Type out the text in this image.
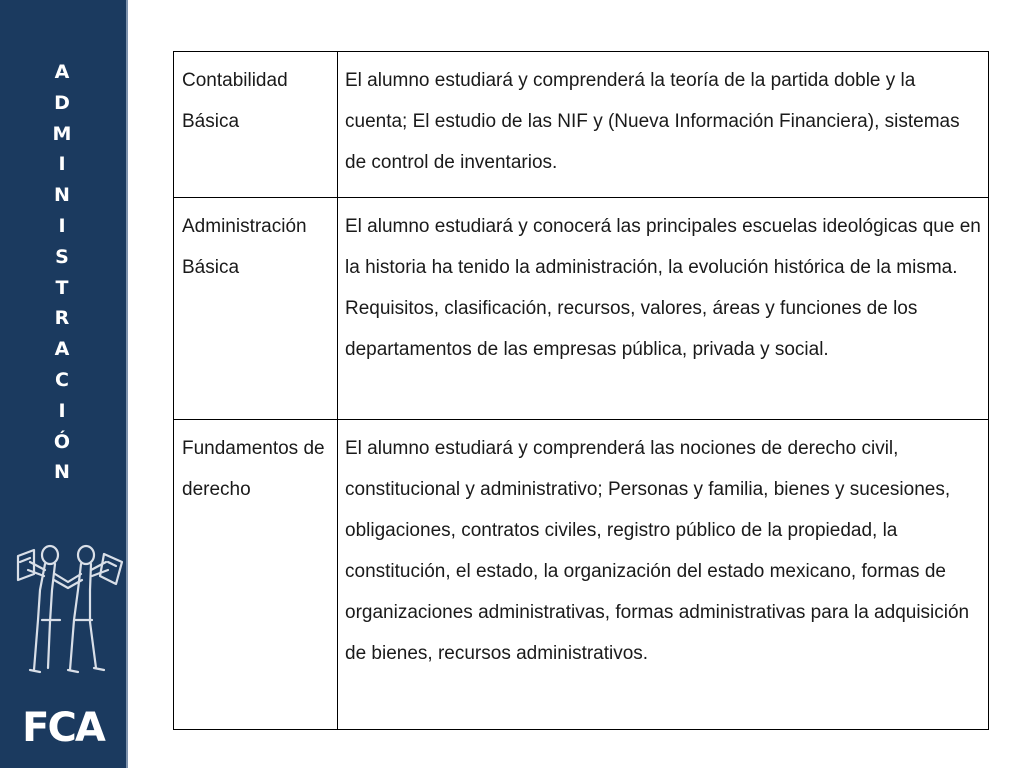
A
D
M
I
N
I
S
T
R
A
C
I
Ó
N
FCA
Contabilidad Básica	El alumno estudiará y comprenderá la teoría de la partida doble y la cuenta; El estudio de las NIF y (Nueva Información Financiera), sistemas de control de inventarios.
Administración Básica	El alumno estudiará y conocerá las principales escuelas ideológicas que en la historia ha tenido la administración, la evolución histórica de la misma. Requisitos, clasificación, recursos, valores, áreas y funciones de los departamentos de las empresas pública, privada y social.
Fundamentos de derecho	El alumno estudiará y comprenderá las nociones de derecho civil, constitucional y administrativo; Personas y familia, bienes y sucesiones, obligaciones, contratos civiles, registro público de la propiedad, la constitución, el estado, la organización del estado mexicano, formas de organizaciones administrativas, formas administrativas para la adquisición de bienes, recursos administrativos.
